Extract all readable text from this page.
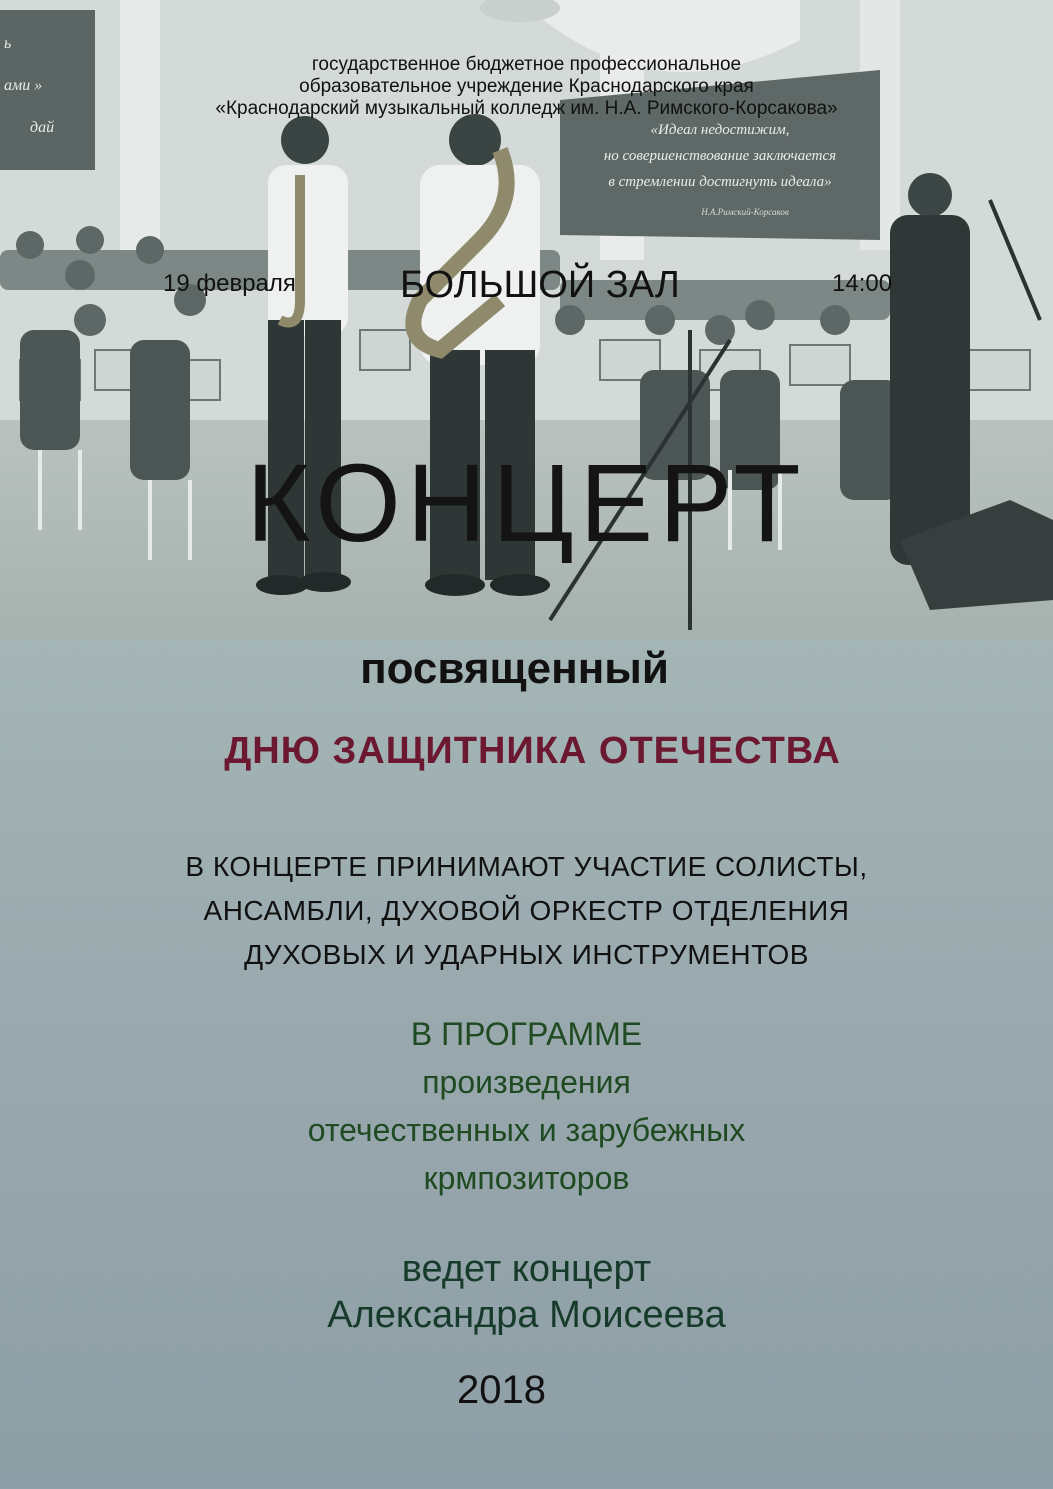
ь
ами »
дай	«Идеал недостижим,
но совершенствование заключается
в стремлении достигнуть идеала»
Н.А.Римский-Корсаков
государственное бюджетное профессиональное
образовательное учреждение Краснодарского края
«Краснодарский музыкальный колледж им. Н.А. Римского-Корсакова»
19 февраля	БОЛЬШОЙ ЗАЛ	14:00
КОНЦЕРТ
посвященный
ДНЮ ЗАЩИТНИКА ОТЕЧЕСТВА
В КОНЦЕРТЕ ПРИНИМАЮТ УЧАСТИЕ СОЛИСТЫ,
АНСАМБЛИ, ДУХОВОЙ ОРКЕСТР ОТДЕЛЕНИЯ
ДУХОВЫХ И УДАРНЫХ ИНСТРУМЕНТОВ
В ПРОГРАММЕ
произведения
отечественных и зарубежных
крмпозиторов
ведет концерт
Александра Моисеева
2018
